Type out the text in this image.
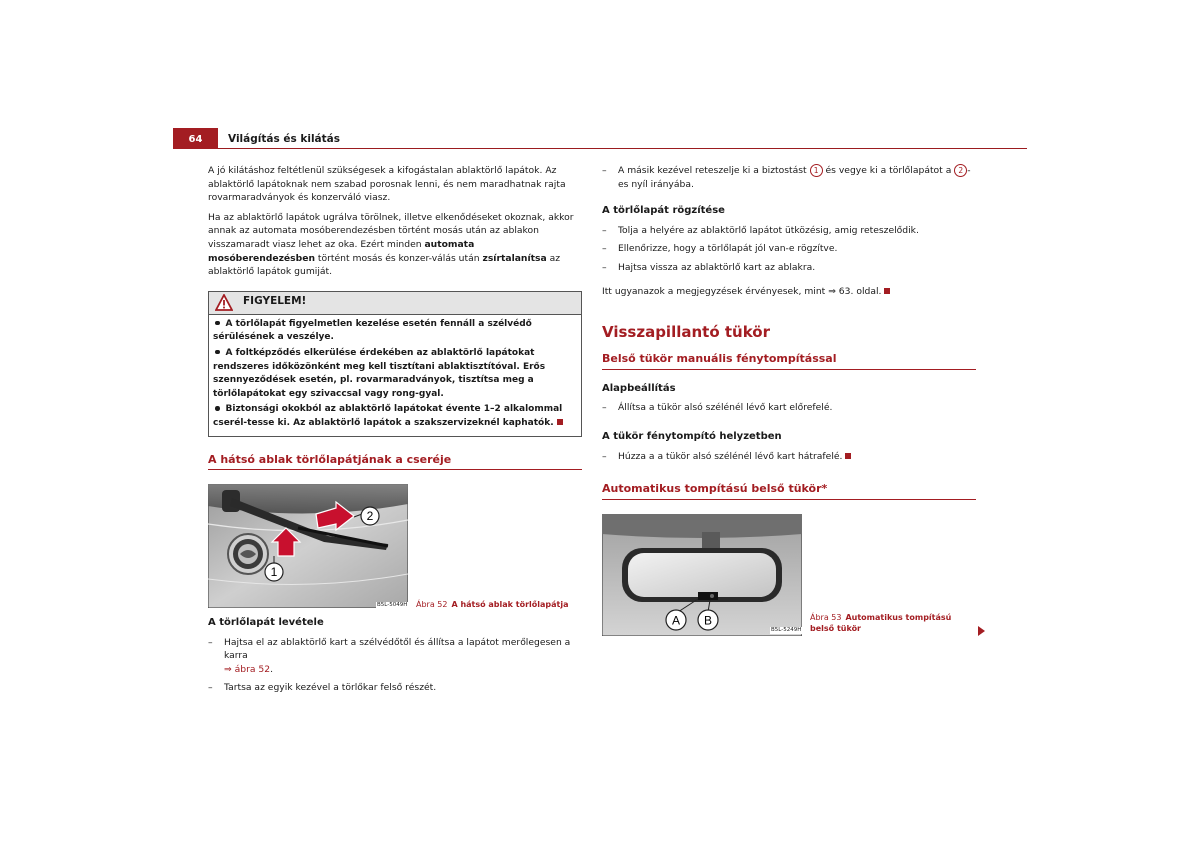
64	Világítás és kilátás

A jó kilátáshoz feltétlenül szükségesek a kifogástalan ablaktörlő lapátok. Az ablaktörlő lapátoknak nem szabad porosnak lenni, és nem maradhatnak rajta rovarmaradványok és konzerváló viasz.

Ha az ablaktörlő lapátok ugrálva törölnek, illetve elkenődéseket okoznak, akkor annak az automata mosóberendezésben történt mosás után az ablakon visszamaradt viasz lehet az oka. Ezért minden automata mosóberendezésben történt mosás és konzer-válás után zsírtalanítsa az ablaktörlő lapátok gumiját.

FIGYELEM!

A törlőlapát figyelmetlen kezelése esetén fennáll a szélvédő sérülésének a veszélye.

A foltképződés elkerülése érdekében az ablaktörlő lapátokat rendszeres időközönként meg kell tisztítani ablaktisztítóval. Erős szennyeződések esetén, pl. rovarmaradványok, tisztítsa meg a törlőlapátokat egy szivaccsal vagy rong-gyal.

Biztonsági okokból az ablaktörlő lapátokat évente 1–2 alkalommal cserél-tesse ki. Az ablaktörlő lapátok a szakszervizeknél kaphatók.

A hátsó ablak törlőlapátjának a cseréje
2
1
B5L-5049H Ábra 52 A hátsó ablak törlőlapátja
A törlőlapát levétele
– Hajtsa el az ablaktörlő kart a szélvédőtől és állítsa a lapátot merőlegesen a karra
⇒ ábra 52.
– Tartsa az egyik kezével a törlőkar felső részét.
– A másik kezével reteszelje ki a biztostást 1 és vegye ki a törlőlapátot a 2 -es nyíl irányába.
A törlőlapát rögzítése
– Tolja a helyére az ablaktörlő lapátot ütközésig, amig reteszelődik.
– Ellenőrizze, hogy a törlőlapát jól van-e rögzítve.
– Hajtsa vissza az ablaktörlő kart az ablakra.

Itt ugyanazok a megjegyzések érvényesek, mint ⇒ 63. oldal.

Visszapillantó tükör
Belső tükör manuális fénytompítással
Alapbeállítás
– Állítsa a tükör alsó szélénél lévő kart előrefelé.
A tükör fénytompító helyzetben
– Húzza a a tükör alsó szélénél lévő kart hátrafelé.
Automatikus tompítású belső tükör*
A B
B5L-5249H
Ábra 53 Automatikus tompítású belső tükör
